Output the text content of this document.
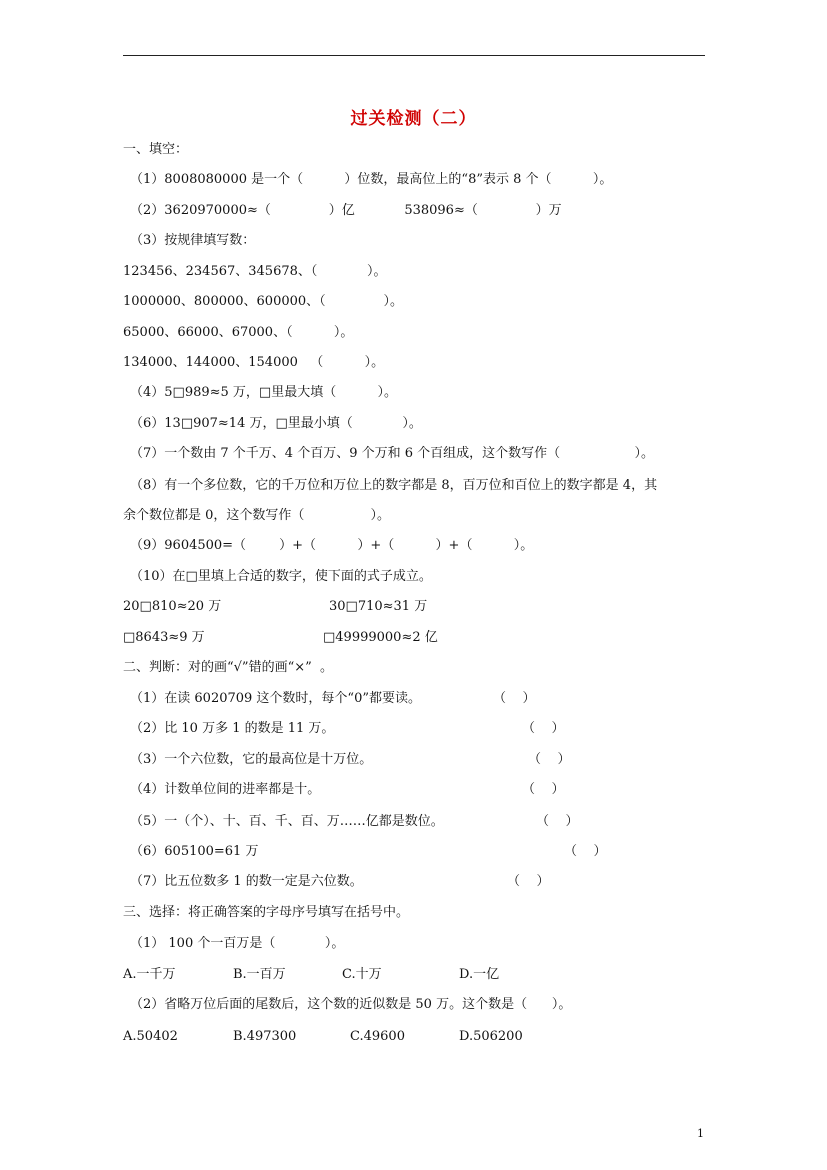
过关检测（二）
一、填空：
（1）8008080000 是一个（          ）位数，最高位上的“8”表示 8 个（          ）。
（2）3620970000≈（              ）亿            538096≈（              ）万
（3）按规律填写数：
123456、234567、345678、（            ）。
1000000、800000、600000、（              ）。
65000、66000、67000、（          ）。
134000、144000、154000   （          ）。
（4）5□989≈5 万，□里最大填（          ）。
（6）13□907≈14 万，□里最小填（            ）。
（7）一个数由 7 个千万、4 个百万、9 个万和 6 个百组成，这个数写作（                  ）。
（8）有一个多位数，它的千万位和万位上的数字都是 8，百万位和百位上的数字都是 4，其
余个数位都是 0，这个数写作（                ）。
（9）9604500=（        ）+（          ）+（          ）+（          ）。
（10）在□里填上合适的数字，使下面的式子成立。
20□810≈20 万	30□710≈31 万
□8643≈9 万	□49999000≈2 亿
二、判断：对的画“√”错的画“×”  。
（1）在读 6020709 这个数时，每个“0”都要读。	（    ）
（2）比 10 万多 1 的数是 11 万。	（    ）
（3）一个六位数，它的最高位是十万位。	（    ）
（4）计数单位间的进率都是十。	（    ）
（5）一（个）、十、百、千、百、万……亿都是数位。	（    ）
（6）605100=61 万	（    ）
（7）比五位数多 1 的数一定是六位数。	（    ）
三、选择：将正确答案的字母序号填写在括号中。
（1） 100 个一百万是（            ）。
A.一千万	B.一百万	C.十万	D.一亿
（2）省略万位后面的尾数后，这个数的近似数是 50 万。这个数是（      ）。
A.50402	B.497300	C.49600	D.506200
1
